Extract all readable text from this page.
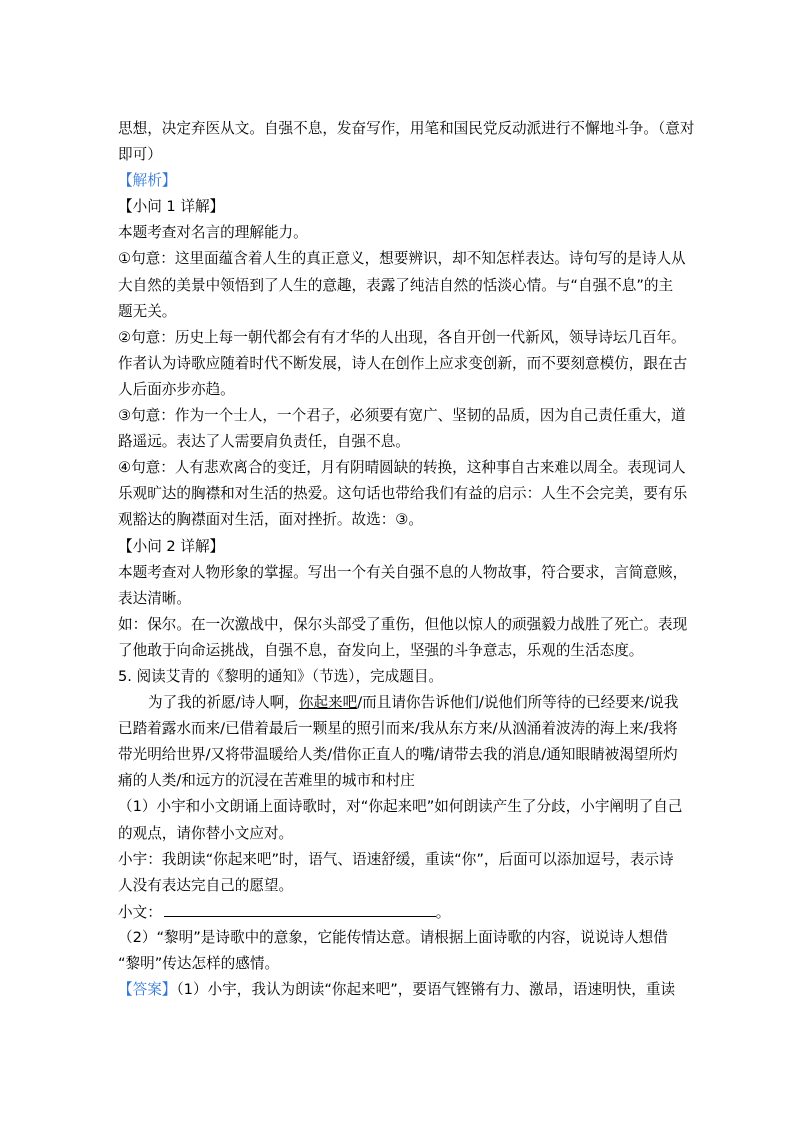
思想，决定弃医从文。自强不息，发奋写作，用笔和国民党反动派进行不懈地斗争。（意对
即可）
【解析】
【小问 1 详解】
本题考查对名言的理解能力。
①句意：这里面蕴含着人生的真正意义，想要辨识，却不知怎样表达。诗句写的是诗人从
大自然的美景中领悟到了人生的意趣，表露了纯洁自然的恬淡心情。与“自强不息”的主
题无关。
②句意：历史上每一朝代都会有有才华的人出现，各自开创一代新风，领导诗坛几百年。
作者认为诗歌应随着时代不断发展，诗人在创作上应求变创新，而不要刻意模仿，跟在古
人后面亦步亦趋。
③句意：作为一个士人，一个君子，必须要有宽广、坚韧的品质，因为自己责任重大，道
路遥远。表达了人需要肩负责任，自强不息。
④句意：人有悲欢离合的变迁，月有阴晴圆缺的转换，这种事自古来难以周全。表现词人
乐观旷达的胸襟和对生活的热爱。这句话也带给我们有益的启示：人生不会完美，要有乐
观豁达的胸襟面对生活，面对挫折。故选：③。
【小问 2 详解】
本题考查对人物形象的掌握。写出一个有关自强不息的人物故事，符合要求，言简意赅，
表达清晰。
如：保尔。在一次激战中，保尔头部受了重伤，但他以惊人的顽强毅力战胜了死亡。表现
了他敢于向命运挑战，自强不息，奋发向上，坚强的斗争意志，乐观的生活态度。
5. 阅读艾青的《黎明的通知》（节选），完成题目。
为了我的祈愿/诗人啊，你起来吧/而且请你告诉他们/说他们所等待的已经要来/说我
已踏着露水而来/已借着最后一颗星的照引而来/我从东方来/从汹涌着波涛的海上来/我将
带光明给世界/又将带温暖给人类/借你正直人的嘴/请带去我的消息/通知眼睛被渴望所灼
痛的人类/和远方的沉浸在苦难里的城市和村庄
（1）小宇和小文朗诵上面诗歌时，对“你起来吧”如何朗读产生了分歧，小宇阐明了自己
的观点，请你替小文应对。
小宇：我朗读“你起来吧”时，语气、语速舒缓，重读“你”，后面可以添加逗号，表示诗
人没有表达完自己的愿望。
小文：	。
（2）“黎明”是诗歌中的意象，它能传情达意。请根据上面诗歌的内容，说说诗人想借
“黎明”传达怎样的感情。
【答案】（1）小宇，我认为朗读“你起来吧”，要语气铿锵有力、激昂，语速明快，重读
